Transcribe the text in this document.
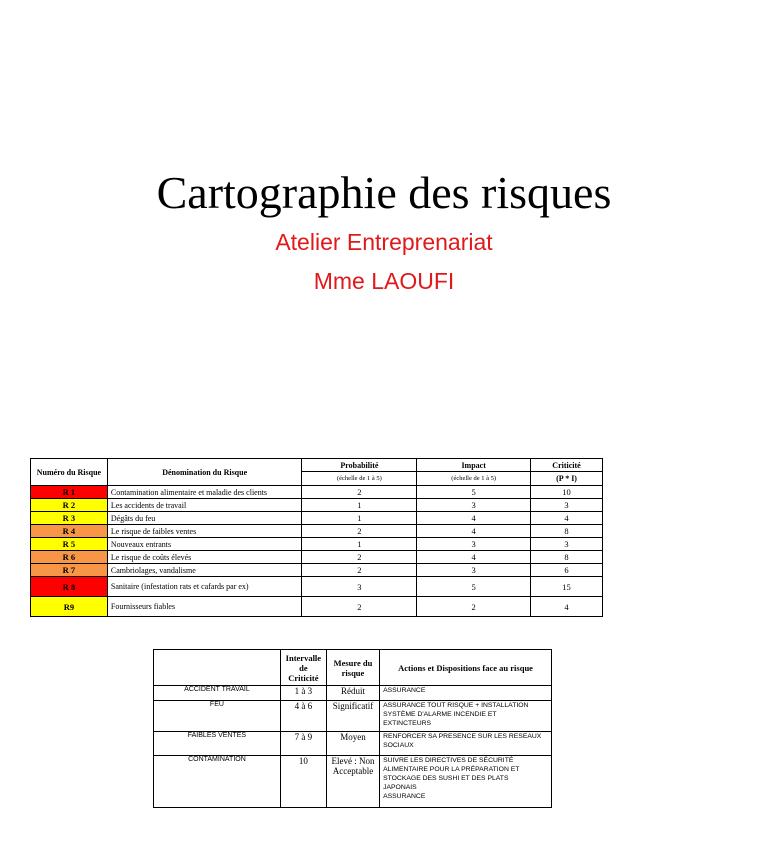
Cartographie des risques
Atelier Entreprenariat
Mme LAOUFI
Numéro du Risque	Dénomination du Risque	Probabilité	Impact	Criticité
		(échelle de 1 à 5)	(échelle de 1 à 5)	(P * I)
R 1	Contamination alimentaire et maladie des clients	2	5	10
R 2	Les accidents de travail	1	3	3
R 3	Dégâts du feu	1	4	4
R 4	Le risque de faibles ventes	2	4	8
R 5	Nouveaux entrants	1	3	3
R 6	Le risque de coûts élevés	2	4	8
R 7	Cambriolages, vandalisme	2	3	6
R 8	Sanitaire (infestation rats et cafards par ex)	3	5	15
R9	Fournisseurs fiables	2	2	4
	Intervalle de Criticité	Mesure du risque	Actions et Dispositions face au risque
ACCIDENT TRAVAIL	1 à 3	Réduit	ASSURANCE

FEU	4 à 6	Significatif	ASSURANCE TOUT RISQUE + INSTALLATION
SYSTÈME D'ALARME INCENDIE ET
EXTINCTEURS

FAIBLES VENTES	7 à 9	Moyen	RENFORCER SA PRESENCE SUR LES RESEAUX
SOCIAUX

CONTAMINATION	10	Elevé : Non Acceptable	SUIVRE LES DIRECTIVES DE SÉCURITÉ
ALIMENTAIRE POUR LA PRÉPARATION ET
STOCKAGE DES SUSHI ET DES PLATS
JAPONAIS
ASSURANCE
